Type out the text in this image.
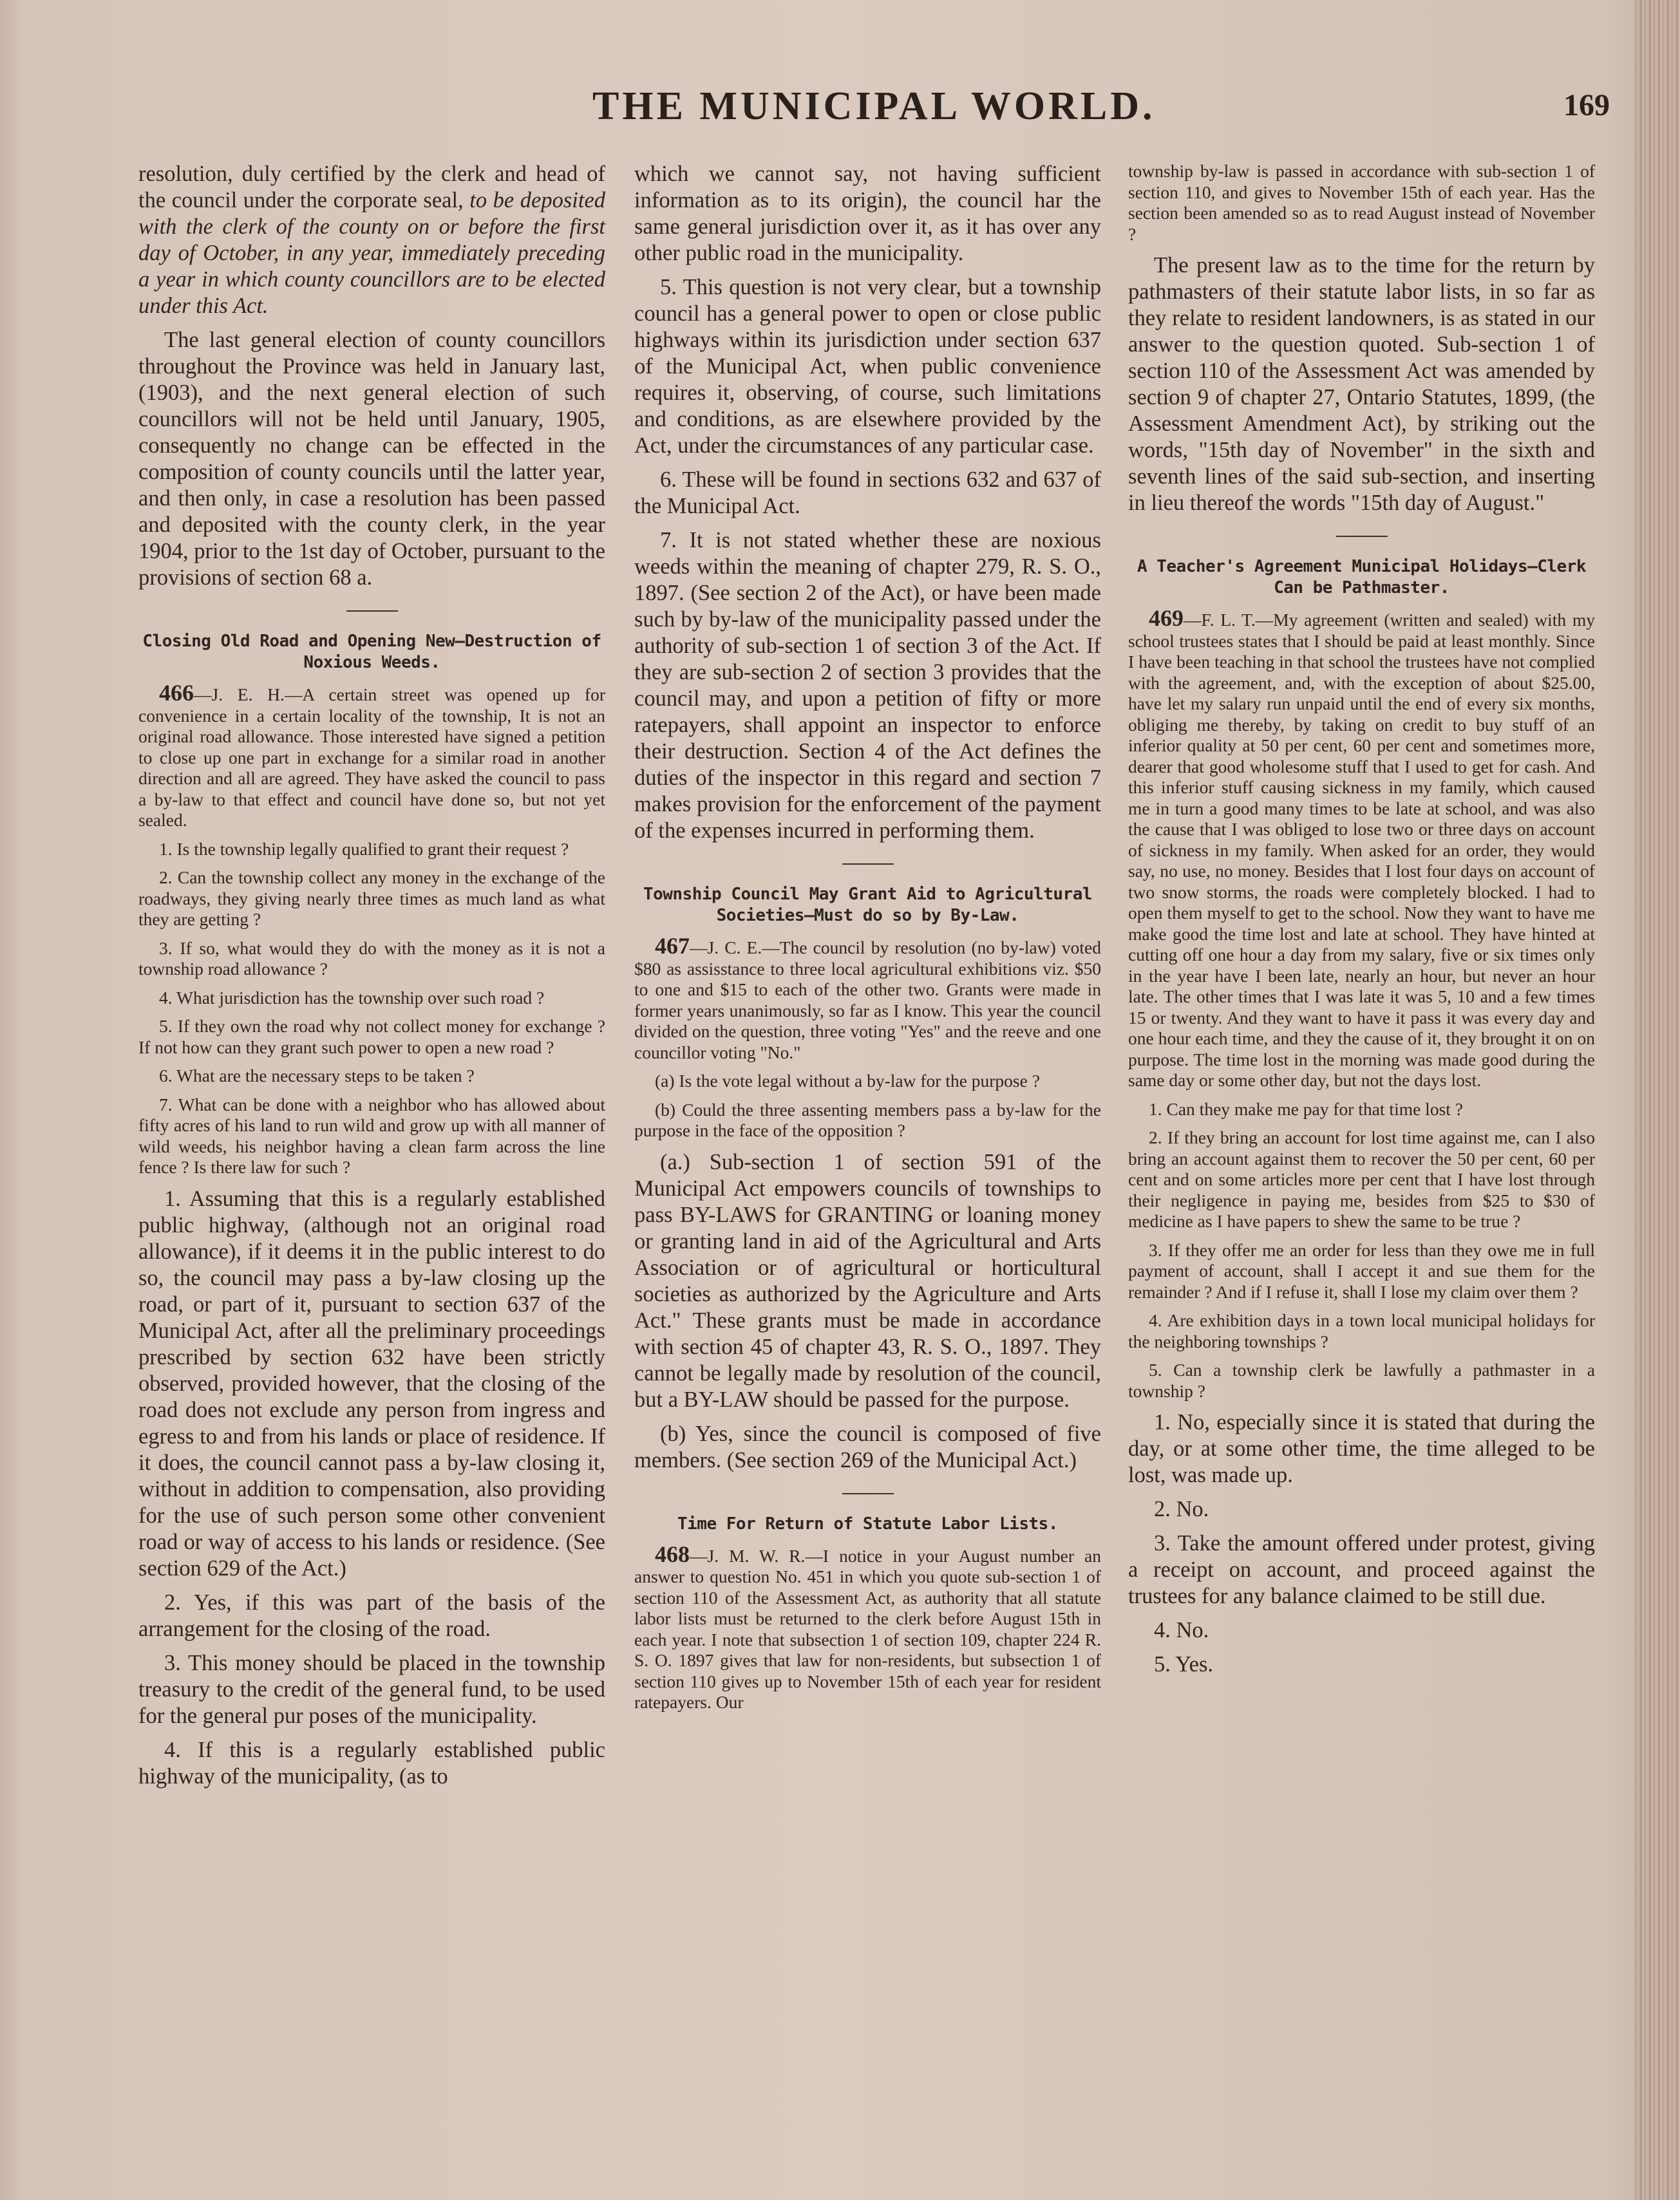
THE MUNICIPAL WORLD.	169

resolution, duly certified by the clerk and head of the council under the corporate seal, to be deposited with the clerk of the county on or before the first day of October, in any year, immediately preceding a year in which county councillors are to be elected under this Act.

The last general election of county councillors throughout the Province was held in January last, (1903), and the next general election of such councillors will not be held until January, 1905, consequently no change can be effected in the composition of county councils until the latter year, and then only, in case a resolution has been passed and deposited with the county clerk, in the year 1904, prior to the 1st day of October, pursuant to the provisions of section 68 a.

Closing Old Road and Opening New—Destruction of Noxious Weeds.

466—J. E. H.—A certain street was opened up for convenience in a certain locality of the township, It is not an original road allowance. Those interested have signed a petition to close up one part in exchange for a similar road in another direction and all are agreed. They have asked the council to pass a by-law to that effect and council have done so, but not yet sealed.

1. Is the township legally qualified to grant their request ?

2. Can the township collect any money in the exchange of the roadways, they giving nearly three times as much land as what they are getting ?

3. If so, what would they do with the money as it is not a township road allowance ?

4. What jurisdiction has the township over such road ?

5. If they own the road why not collect money for exchange ? If not how can they grant such power to open a new road ?

6. What are the necessary steps to be taken ?

7. What can be done with a neighbor who has allowed about fifty acres of his land to run wild and grow up with all manner of wild weeds, his neighbor having a clean farm across the line fence ? Is there law for such ?

1. Assuming that this is a regularly established public highway, (although not an original road allowance), if it deems it in the public interest to do so, the council may pass a by-law closing up the road, or part of it, pursuant to section 637 of the Municipal Act, after all the preliminary proceedings prescribed by section 632 have been strictly observed, provided however, that the closing of the road does not exclude any person from ingress and egress to and from his lands or place of residence. If it does, the council cannot pass a by-law closing it, without in addition to compensation, also providing for the use of such person some other convenient road or way of access to his lands or residence. (See section 629 of the Act.)

2. Yes, if this was part of the basis of the arrangement for the closing of the road.

3. This money should be placed in the township treasury to the credit of the general fund, to be used for the general pur poses of the municipality.

4. If this is a regularly established public highway of the municipality, (as to

which we cannot say, not having sufficient information as to its origin), the council har the same general jurisdiction over it, as it has over any other public road in the municipality.

5. This question is not very clear, but a township council has a general power to open or close public highways within its jurisdiction under section 637 of the Municipal Act, when public convenience requires it, observing, of course, such limitations and conditions, as are elsewhere provided by the Act, under the circumstances of any particular case.

6. These will be found in sections 632 and 637 of the Municipal Act.

7. It is not stated whether these are noxious weeds within the meaning of chapter 279, R. S. O., 1897. (See section 2 of the Act), or have been made such by by-law of the municipality passed under the authority of sub-section 1 of section 3 of the Act. If they are sub-section 2 of section 3 provides that the council may, and upon a petition of fifty or more ratepayers, shall appoint an inspector to enforce their destruction. Section 4 of the Act defines the duties of the inspector in this regard and section 7 makes provision for the enforcement of the payment of the expenses incurred in performing them.

Township Council May Grant Aid to Agricultural Societies—Must do so by By-Law.

467—J. C. E.—The council by resolution (no by-law) voted $80 as assisstance to three local agricultural exhibitions viz. $50 to one and $15 to each of the other two. Grants were made in former years unanimously, so far as I know. This year the council divided on the question, three voting "Yes" and the reeve and one councillor voting "No."

(a) Is the vote legal without a by-law for the purpose ?

(b) Could the three assenting members pass a by-law for the purpose in the face of the opposition ?

(a.) Sub-section 1 of section 591 of the Municipal Act empowers councils of townships to pass BY-LAWS for GRANTING or loaning money or granting land in aid of the Agricultural and Arts Association or of agricultural or horticultural societies as authorized by the Agriculture and Arts Act." These grants must be made in accordance with section 45 of chapter 43, R. S. O., 1897. They cannot be legally made by resolution of the council, but a BY-LAW should be passed for the purpose.

(b) Yes, since the council is composed of five members. (See section 269 of the Municipal Act.)

Time For Return of Statute Labor Lists.

468—J. M. W. R.—I notice in your August number an answer to question No. 451 in which you quote sub-section 1 of section 110 of the Assessment Act, as authority that all statute labor lists must be returned to the clerk before August 15th in each year. I note that subsection 1 of section 109, chapter 224 R. S. O. 1897 gives that law for non-residents, but subsection 1 of section 110 gives up to November 15th of each year for resident ratepayers. Our

township by-law is passed in accordance with sub-section 1 of section 110, and gives to November 15th of each year. Has the section been amended so as to read August instead of November ?

The present law as to the time for the return by pathmasters of their statute labor lists, in so far as they relate to resident landowners, is as stated in our answer to the question quoted. Sub-section 1 of section 110 of the Assessment Act was amended by section 9 of chapter 27, Ontario Statutes, 1899, (the Assessment Amendment Act), by striking out the words, "15th day of November" in the sixth and seventh lines of the said sub-section, and inserting in lieu thereof the words "15th day of August."

A Teacher's Agreement Municipal Holidays—Clerk Can be Pathmaster.

469—F. L. T.—My agreement (written and sealed) with my school trustees states that I should be paid at least monthly. Since I have been teaching in that school the trustees have not complied with the agreement, and, with the exception of about $25.00, have let my salary run unpaid until the end of every six months, obliging me thereby, by taking on credit to buy stuff of an inferior quality at 50 per cent, 60 per cent and sometimes more, dearer that good wholesome stuff that I used to get for cash. And this inferior stuff causing sickness in my family, which caused me in turn a good many times to be late at school, and was also the cause that I was obliged to lose two or three days on account of sickness in my family. When asked for an order, they would say, no use, no money. Besides that I lost four days on account of two snow storms, the roads were completely blocked. I had to open them myself to get to the school. Now they want to have me make good the time lost and late at school. They have hinted at cutting off one hour a day from my salary, five or six times only in the year have I been late, nearly an hour, but never an hour late. The other times that I was late it was 5, 10 and a few times 15 or twenty. And they want to have it pass it was every day and one hour each time, and they the cause of it, they brought it on on purpose. The time lost in the morning was made good during the same day or some other day, but not the days lost.

1. Can they make me pay for that time lost ?

2. If they bring an account for lost time against me, can I also bring an account against them to recover the 50 per cent, 60 per cent and on some articles more per cent that I have lost through their negligence in paying me, besides from $25 to $30 of medicine as I have papers to shew the same to be true ?

3. If they offer me an order for less than they owe me in full payment of account, shall I accept it and sue them for the remainder ? And if I refuse it, shall I lose my claim over them ?

4. Are exhibition days in a town local municipal holidays for the neighboring townships ?

5. Can a township clerk be lawfully a pathmaster in a township ?

1. No, especially since it is stated that during the day, or at some other time, the time alleged to be lost, was made up.

2. No.

3. Take the amount offered under protest, giving a receipt on account, and proceed against the trustees for any balance claimed to be still due.

4. No.

5. Yes.
